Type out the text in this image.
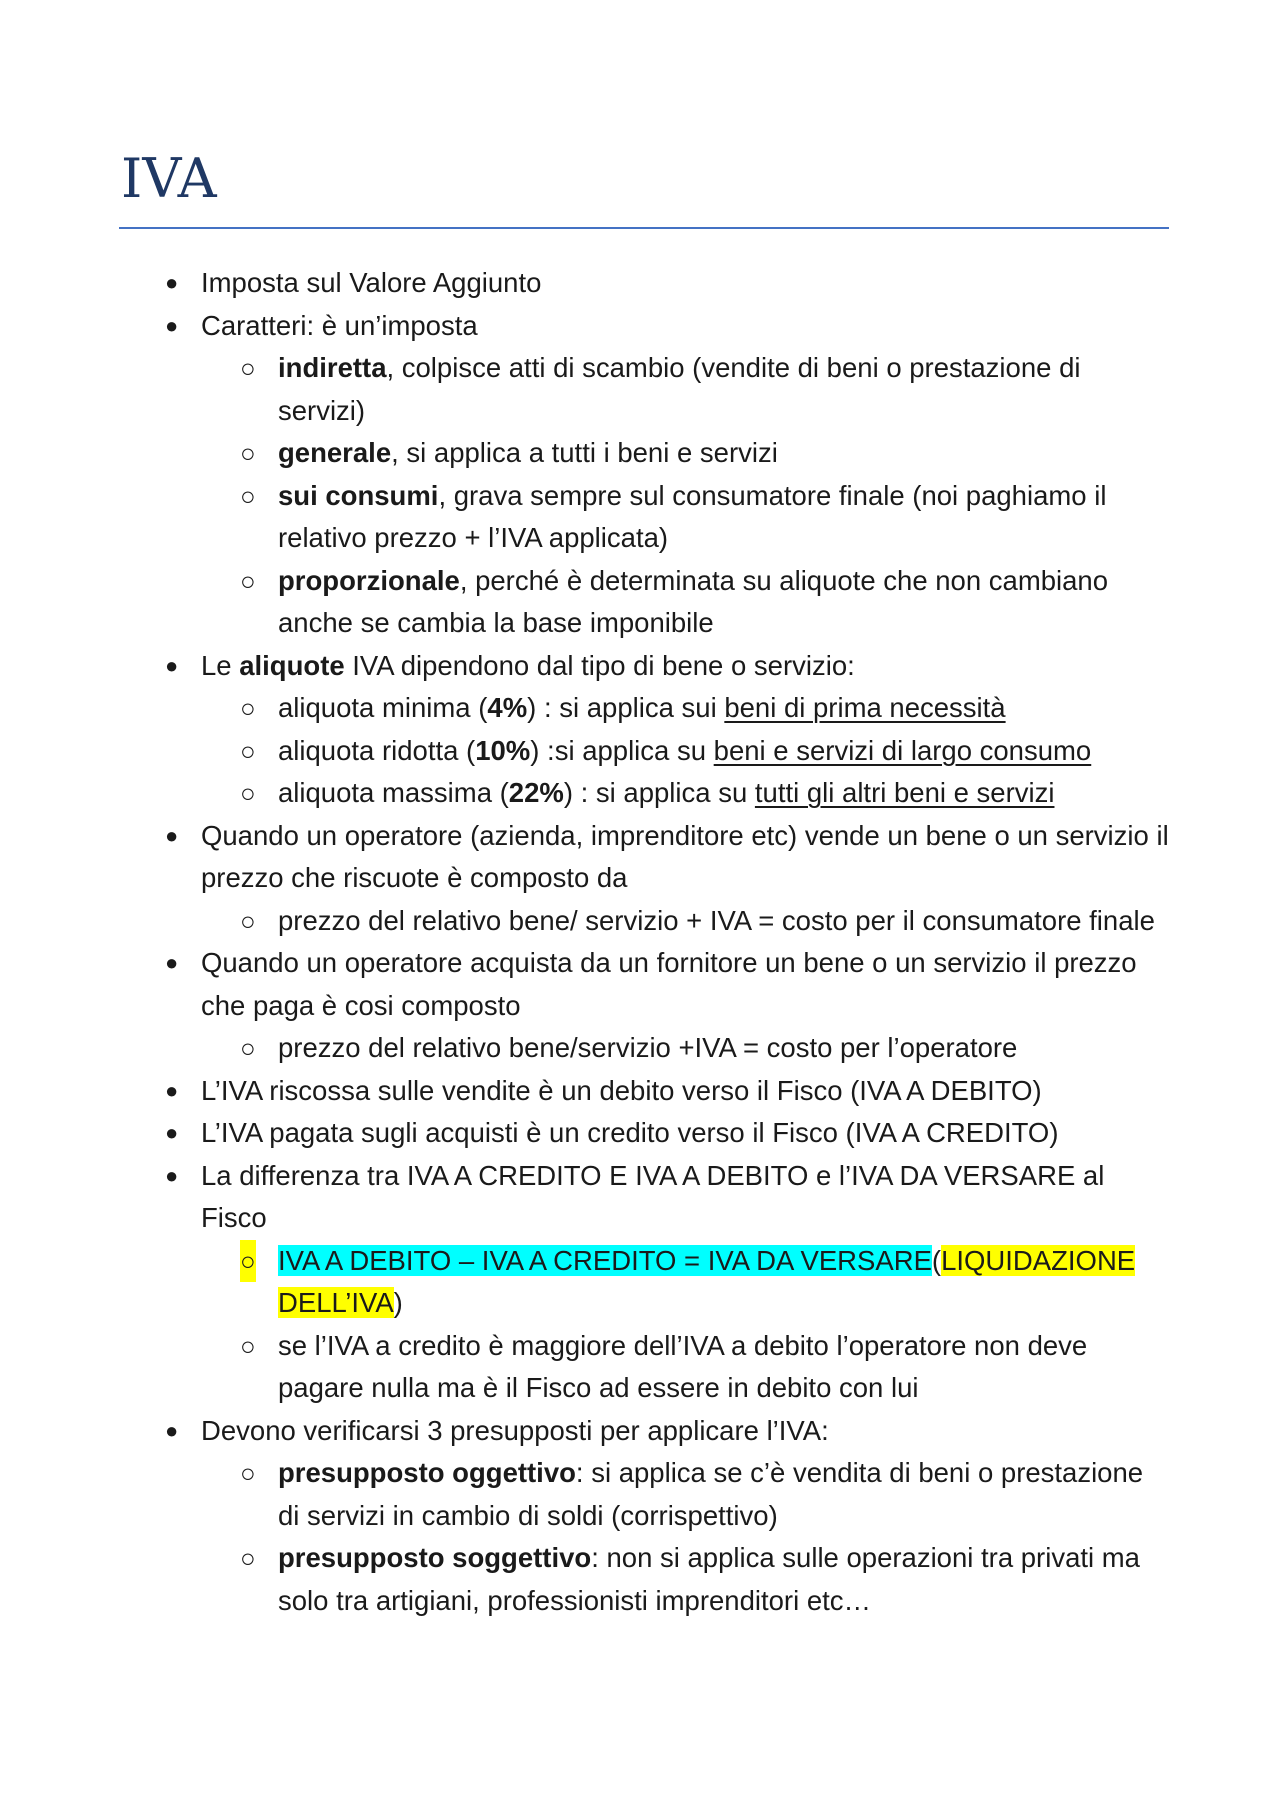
IVA
● Imposta sul Valore Aggiunto
● Caratteri: è un’imposta
○ indiretta, colpisce atti di scambio (vendite di beni o prestazione di servizi)
○ generale, si applica a tutti i beni e servizi
○ sui consumi, grava sempre sul consumatore finale (noi paghiamo il relativo prezzo + l’IVA applicata)
○ proporzionale, perché è determinata su aliquote che non cambiano anche se cambia la base imponibile
● Le aliquote IVA dipendono dal tipo di bene o servizio:
○ aliquota minima (4%) : si applica sui beni di prima necessità
○ aliquota ridotta (10%) :si applica su beni e servizi di largo consumo
○ aliquota massima (22%) : si applica su tutti gli altri beni e servizi
● Quando un operatore (azienda, imprenditore etc) vende un bene o un servizio il prezzo che riscuote è composto da
○ prezzo del relativo bene/ servizio + IVA = costo per il consumatore finale
● Quando un operatore acquista da un fornitore un bene o un servizio il prezzo che paga è cosi composto
○ prezzo del relativo bene/servizio +IVA = costo per l’operatore
● L’IVA riscossa sulle vendite è un debito verso il Fisco (IVA A DEBITO)
● L’IVA pagata sugli acquisti è un credito verso il Fisco (IVA A CREDITO)
● La differenza tra IVA A CREDITO E IVA A DEBITO e l’IVA DA VERSARE al Fisco
○ IVA A DEBITO – IVA A CREDITO = IVA DA VERSARE(LIQUIDAZIONE DELL’IVA)
○ se l’IVA a credito è maggiore dell’IVA a debito l’operatore non deve pagare nulla ma è il Fisco ad essere in debito con lui
● Devono verificarsi 3 presupposti per applicare l’IVA:
○ presupposto oggettivo: si applica se c’è vendita di beni o prestazione di servizi in cambio di soldi (corrispettivo)
○ presupposto soggettivo: non si applica sulle operazioni tra privati ma solo tra artigiani, professionisti imprenditori etc…
